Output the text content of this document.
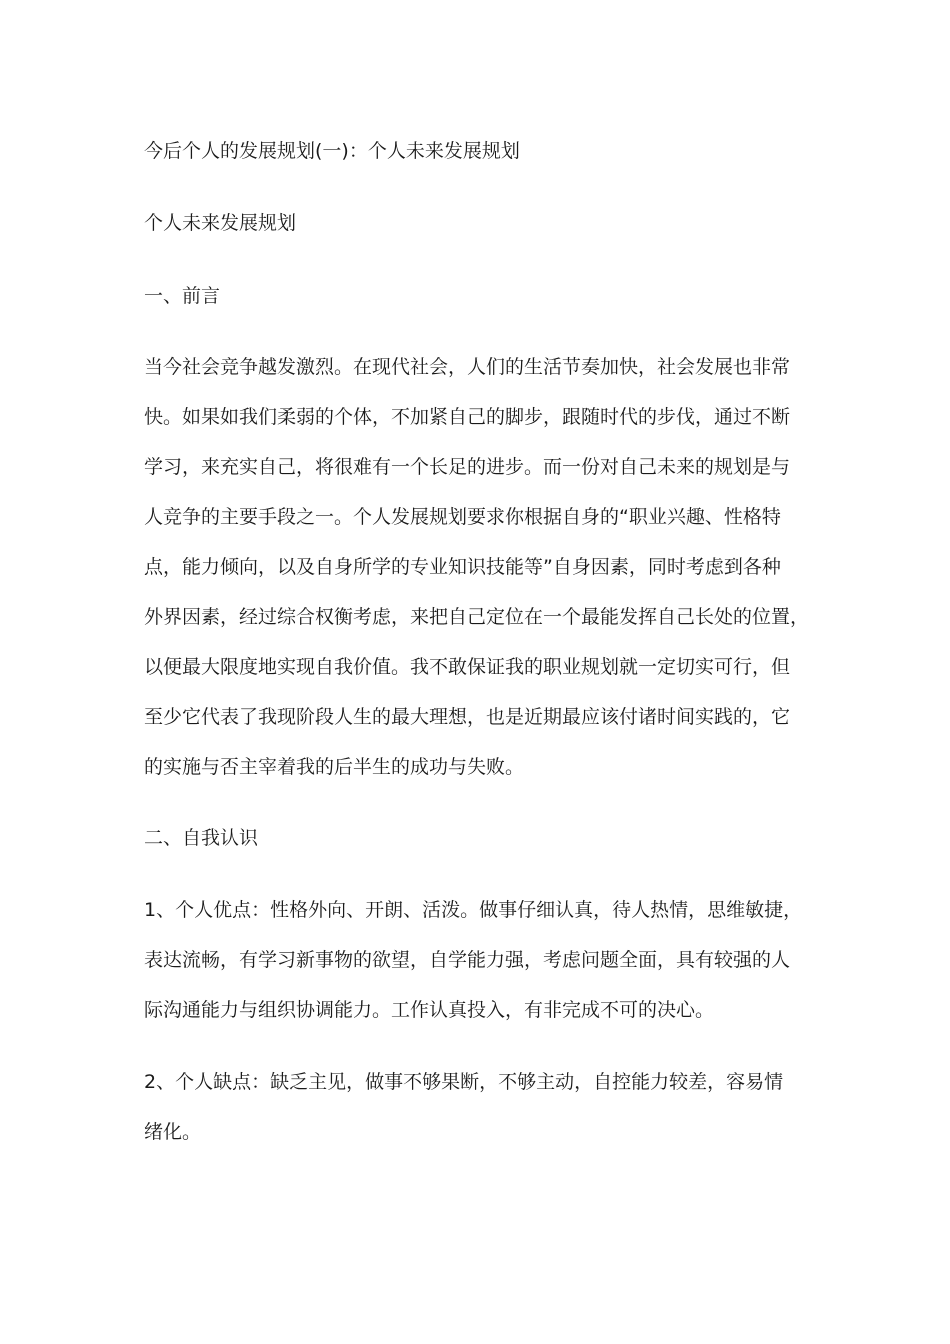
今后个人的发展规划(一)：个人未来发展规划
个人未来发展规划
一、前言
当今社会竞争越发激烈。在现代社会，人们的生活节奏加快，社会发展也非常
快。如果如我们柔弱的个体，不加紧自己的脚步，跟随时代的步伐，通过不断
学习，来充实自己，将很难有一个长足的进步。而一份对自己未来的规划是与
人竞争的主要手段之一。个人发展规划要求你根据自身的“职业兴趣、性格特
点，能力倾向，以及自身所学的专业知识技能等”自身因素，同时考虑到各种
外界因素，经过综合权衡考虑，来把自己定位在一个最能发挥自己长处的位置，
以便最大限度地实现自我价值。我不敢保证我的职业规划就一定切实可行，但
至少它代表了我现阶段人生的最大理想，也是近期最应该付诸时间实践的，它
的实施与否主宰着我的后半生的成功与失败。
二、自我认识
1、个人优点：性格外向、开朗、活泼。做事仔细认真，待人热情，思维敏捷，
表达流畅，有学习新事物的欲望，自学能力强，考虑问题全面，具有较强的人
际沟通能力与组织协调能力。工作认真投入，有非完成不可的决心。
2、个人缺点：缺乏主见，做事不够果断，不够主动，自控能力较差，容易情
绪化。
